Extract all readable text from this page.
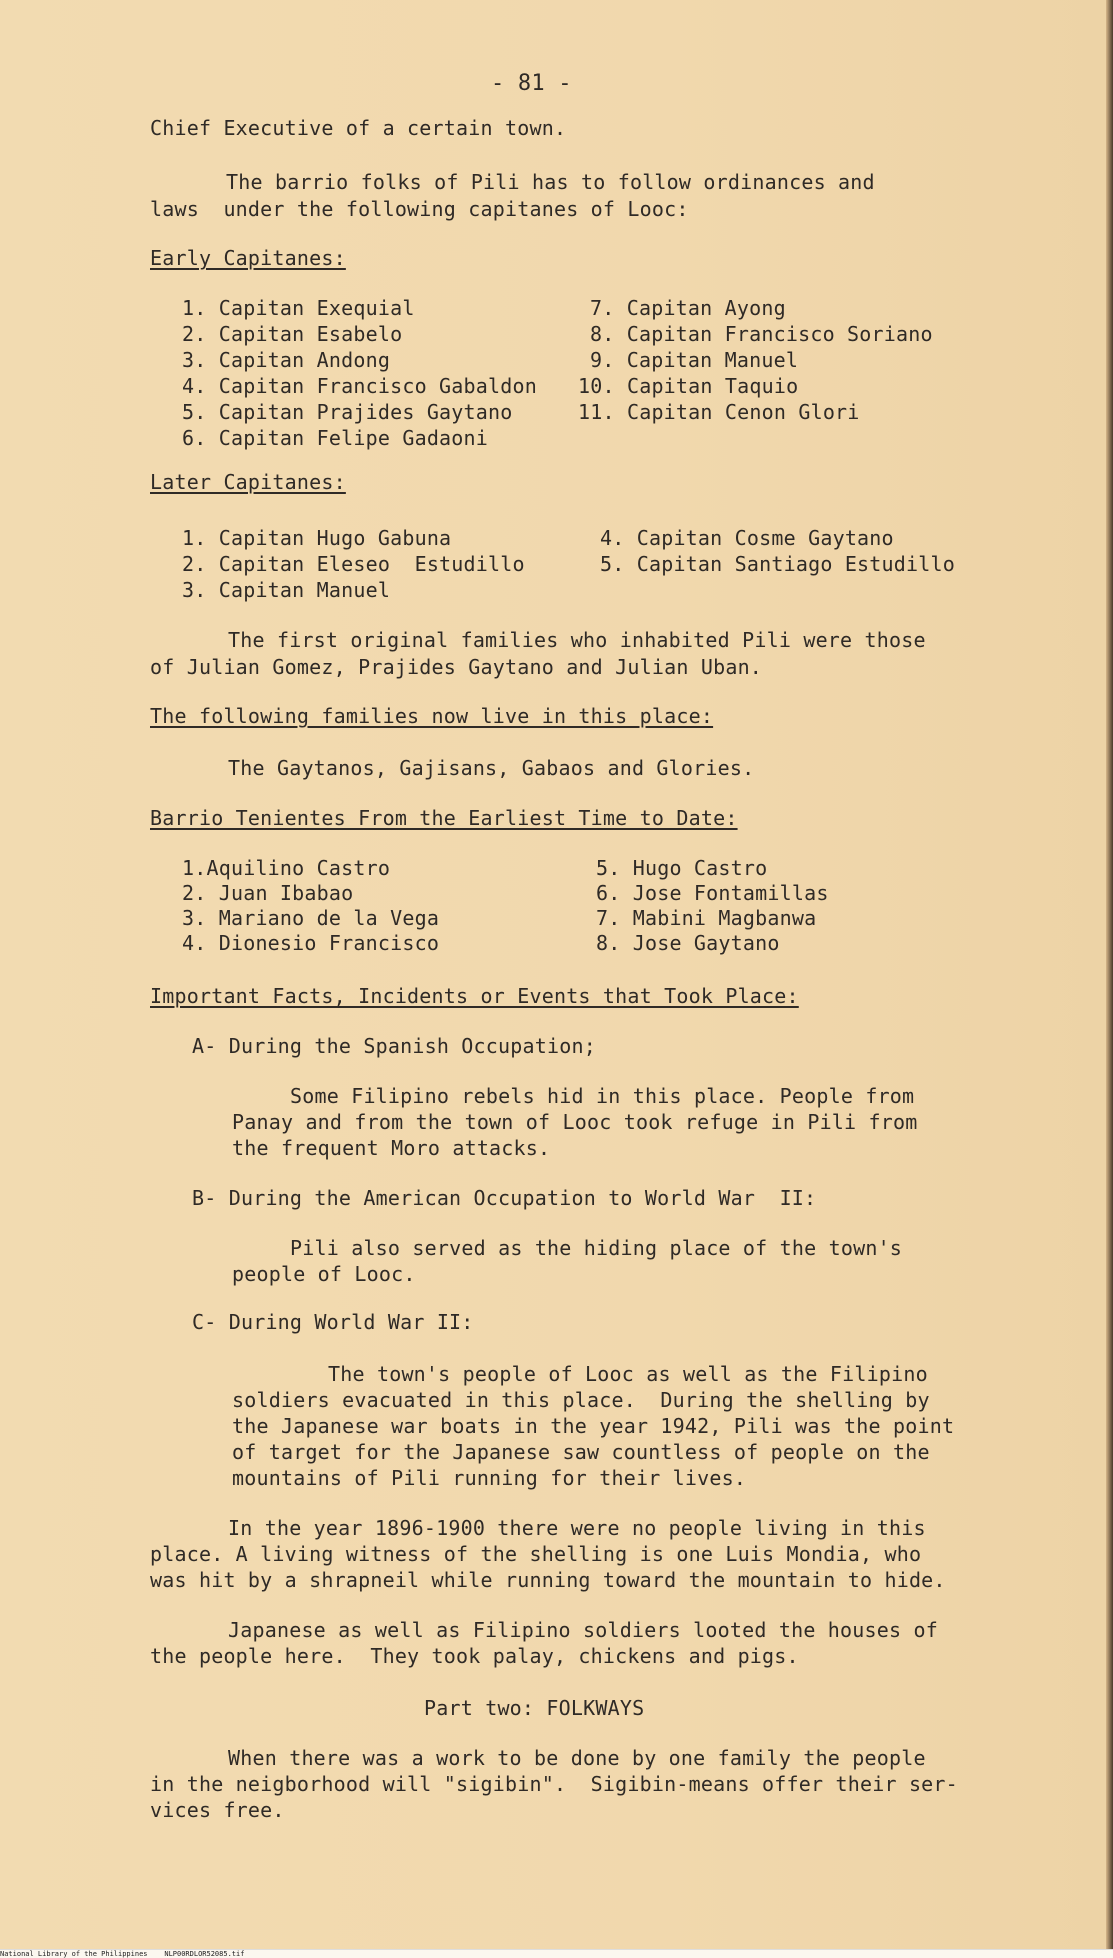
- 81 -
Chief Executive of a certain town.
The barrio folks of Pili has to follow ordinances and
laws  under the following capitanes of Looc:
Early Capitanes:
1. Capitan Exequial
2. Capitan Esabelo
3. Capitan Andong
4. Capitan Francisco Gabaldon
5. Capitan Prajides Gaytano
6. Capitan Felipe Gadaoni
7. Capitan Ayong
8. Capitan Francisco Soriano
9. Capitan Manuel
10. Capitan Taquio
11. Capitan Cenon Glori
Later Capitanes:
1. Capitan Hugo Gabuna
2. Capitan Eleseo  Estudillo
3. Capitan Manuel
4. Capitan Cosme Gaytano
5. Capitan Santiago Estudillo
The first original families who inhabited Pili were those
of Julian Gomez, Prajides Gaytano and Julian Uban.
The following families now live in this place:
The Gaytanos, Gajisans, Gabaos and Glories.
Barrio Tenientes From the Earliest Time to Date:
1.Aquilino Castro
2. Juan Ibabao
3. Mariano de la Vega
4. Dionesio Francisco
5. Hugo Castro
6. Jose Fontamillas
7. Mabini Magbanwa
8. Jose Gaytano
Important Facts, Incidents or Events that Took Place:
A- During the Spanish Occupation;
Some Filipino rebels hid in this place. People from
Panay and from the town of Looc took refuge in Pili from
the frequent Moro attacks.
B- During the American Occupation to World War  II:
Pili also served as the hiding place of the town's
people of Looc.
C- During World War II:
The town's people of Looc as well as the Filipino
soldiers evacuated in this place.  During the shelling by
the Japanese war boats in the year 1942, Pili was the point
of target for the Japanese saw countless of people on the
mountains of Pili running for their lives.
In the year 1896-1900 there were no people living in this
place. A living witness of the shelling is one Luis Mondia, who
was hit by a shrapneil while running toward the mountain to hide.
Japanese as well as Filipino soldiers looted the houses of
the people here.  They took palay, chickens and pigs.
Part two: FOLKWAYS
When there was a work to be done by one family the people
in the neigborhood will "sigibin".  Sigibin-means offer their ser-
vices free.
National Library of the Philippines    NLP00RDLOR52085.tif
